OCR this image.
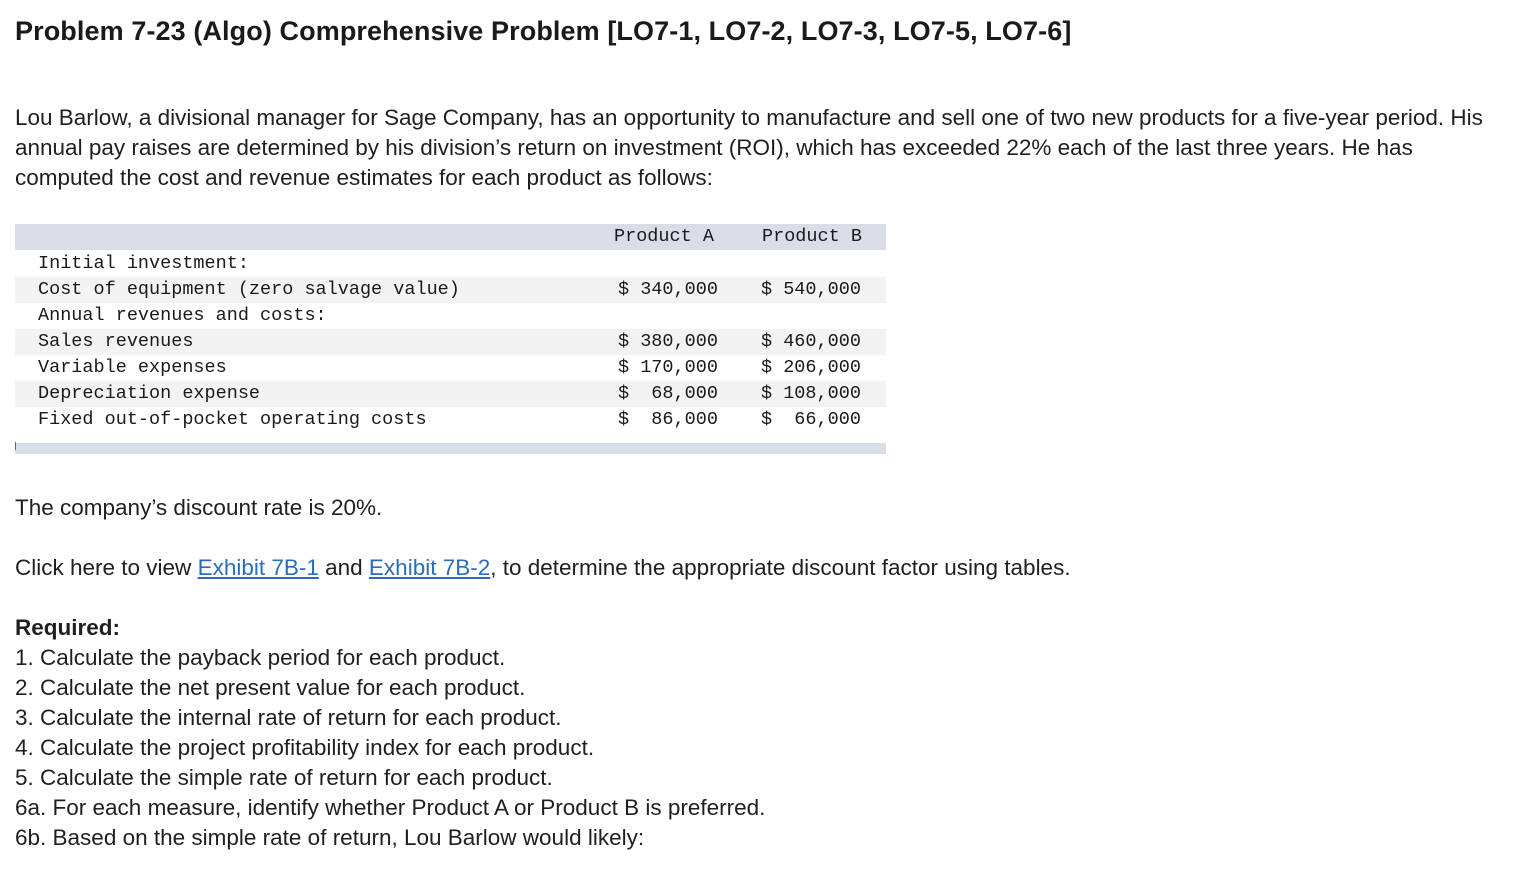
Problem 7-23 (Algo) Comprehensive Problem [LO7-1, LO7-2, LO7-3, LO7-5, LO7-6]
Lou Barlow, a divisional manager for Sage Company, has an opportunity to manufacture and sell one of two new products for a five-year period. His annual pay raises are determined by his division’s return on investment (ROI), which has exceeded 22% each of the last three years. He has computed the cost and revenue estimates for each product as follows:
Product A	Product B
Initial investment:
Cost of equipment (zero salvage value)	$ 340,000 $ 540,000
Annual revenues and costs:
Sales revenues	$ 380,000 $ 460,000
Variable expenses	$ 170,000 $ 206,000
Depreciation expense	$  68,000 $ 108,000
Fixed out-of-pocket operating costs	$  86,000 $  66,000
The company’s discount rate is 20%.
Click here to view Exhibit 7B-1 and Exhibit 7B-2, to determine the appropriate discount factor using tables.
Required:
1. Calculate the payback period for each product.
2. Calculate the net present value for each product.
3. Calculate the internal rate of return for each product.
4. Calculate the project profitability index for each product.
5. Calculate the simple rate of return for each product.
6a. For each measure, identify whether Product A or Product B is preferred.
6b. Based on the simple rate of return, Lou Barlow would likely:
